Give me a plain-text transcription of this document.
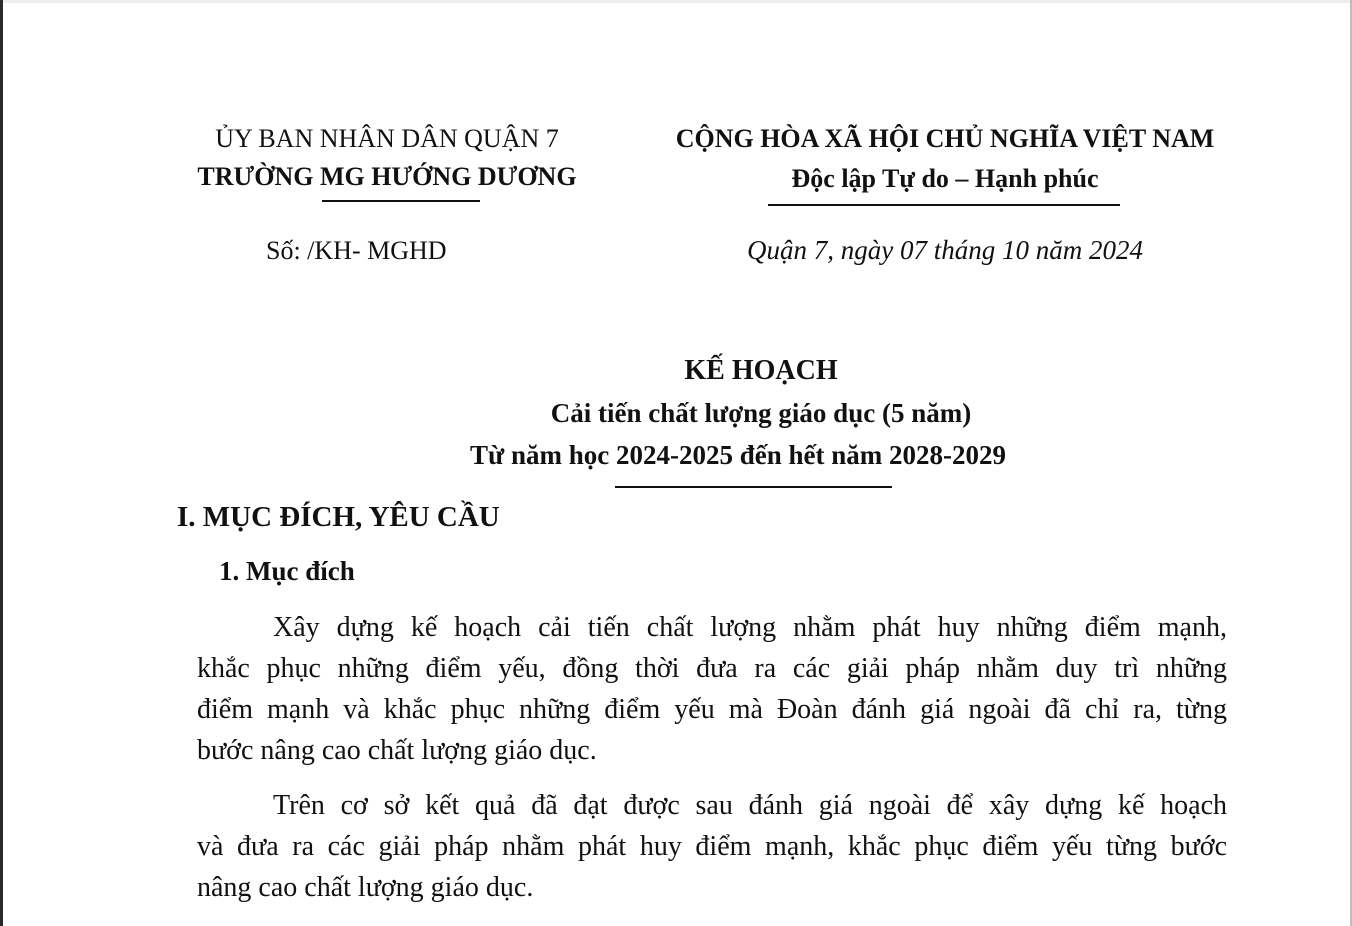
ỦY BAN NHÂN DÂN QUẬN 7
TRƯỜNG MG HƯỚNG DƯƠNG
Số: /KH- MGHD
CỘNG HÒA XÃ HỘI CHỦ NGHĨA VIỆT NAM
Độc lập Tự do – Hạnh phúc
Quận 7, ngày 07 tháng 10 năm 2024
KẾ HOẠCH
Cải tiến chất lượng giáo dục (5 năm)
Từ năm học 2024-2025 đến hết năm 2028-2029
I. MỤC ĐÍCH, YÊU CẦU
1. Mục đích
Xây dựng kế hoạch cải tiến chất lượng nhằm phát huy những điểm mạnh,
khắc phục những điểm yếu, đồng thời đưa ra các giải pháp nhằm duy trì những
điểm mạnh và khắc phục những điểm yếu mà Đoàn đánh giá ngoài đã chỉ ra, từng
bước nâng cao chất lượng giáo dục.
Trên cơ sở kết quả đã đạt được sau đánh giá ngoài để xây dựng kế hoạch
và đưa ra các giải pháp nhằm phát huy điểm mạnh, khắc phục điểm yếu từng bước
nâng cao chất lượng giáo dục.
